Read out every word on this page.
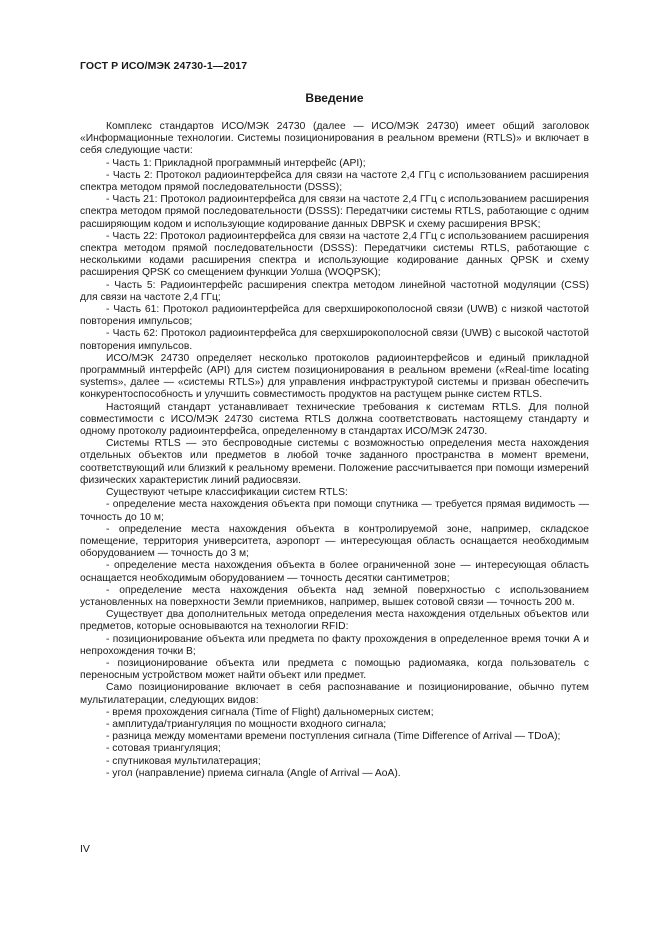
ГОСТ Р ИСО/МЭК 24730-1—2017
Введение

Комплекс стандартов ИСО/МЭК 24730 (далее — ИСО/МЭК 24730) имеет общий заголовок «Информационные технологии. Системы позиционирования в реальном времени (RTLS)» и включает в себя следующие части:

- Часть 1: Прикладной программный интерфейс (API);

- Часть 2: Протокол радиоинтерфейса для связи на частоте 2,4 ГГц с использованием расширения спектра методом прямой последовательности (DSSS);

- Часть 21: Протокол радиоинтерфейса для связи на частоте 2,4 ГГц с использованием расширения спектра методом прямой последовательности (DSSS): Передатчики системы RTLS, работающие с одним расширяющим кодом и использующие кодирование данных DBPSK и схему расширения BPSK;

- Часть 22: Протокол радиоинтерфейса для связи на частоте 2,4 ГГц с использованием расширения спектра методом прямой последовательности (DSSS): Передатчики системы RTLS, работающие с несколькими кодами расширения спектра и использующие кодирование данных QPSK и схему расширения QPSK со смещением функции Уолша (WOQPSK);

- Часть 5: Радиоинтерфейс расширения спектра методом линейной частотной модуляции (CSS) для связи на частоте 2,4 ГГц;

- Часть 61: Протокол радиоинтерфейса для сверхширокополосной связи (UWB) с низкой частотой повторения импульсов;

- Часть 62: Протокол радиоинтерфейса для сверхширокополосной связи (UWB) с высокой частотой повторения импульсов.

ИСО/МЭК 24730 определяет несколько протоколов радиоинтерфейсов и единый прикладной программный интерфейс (API) для систем позиционирования в реальном времени («Real-time locating systems», далее — «системы RTLS») для управления инфраструктурой системы и призван обеспечить конкурентоспособность и улучшить совместимость продуктов на растущем рынке систем RTLS.

Настоящий стандарт устанавливает технические требования к системам RTLS. Для полной совместимости с ИСО/МЭК 24730 система RTLS должна соответствовать настоящему стандарту и одному протоколу радиоинтерфейса, определенному в стандартах ИСО/МЭК 24730.

Системы RTLS — это беспроводные системы с возможностью определения места нахождения отдельных объектов или предметов в любой точке заданного пространства в момент времени, соответствующий или близкий к реальному времени. Положение рассчитывается при помощи измерений физических характеристик линий радиосвязи.

Существуют четыре классификации систем RTLS:

- определение места нахождения объекта при помощи спутника — требуется прямая видимость — точность до 10 м;

- определение места нахождения объекта в контролируемой зоне, например, складское помещение, территория университета, аэропорт — интересующая область оснащается необходимым оборудованием — точность до 3 м;

- определение места нахождения объекта в более ограниченной зоне — интересующая область оснащается необходимым оборудованием — точность десятки сантиметров;

- определение места нахождения объекта над земной поверхностью с использованием установленных на поверхности Земли приемников, например, вышек сотовой связи — точность 200 м.

Существует два дополнительных метода определения места нахождения отдельных объектов или предметов, которые основываются на технологии RFID:

- позиционирование объекта или предмета по факту прохождения в определенное время точки А и непрохождения точки В;

- позиционирование объекта или предмета с помощью радиомаяка, когда пользователь с переносным устройством может найти объект или предмет.

Само позиционирование включает в себя распознавание и позиционирование, обычно путем мультилатерации, следующих видов:

- время прохождения сигнала (Time of Flight) дальномерных систем;

- амплитуда/триангуляция по мощности входного сигнала;

- разница между моментами времени поступления сигнала (Time Difference of Arrival — TDoA);

- сотовая триангуляция;

- спутниковая мультилатерация;

- угол (направление) приема сигнала (Angle of Arrival — AoA).

IV
